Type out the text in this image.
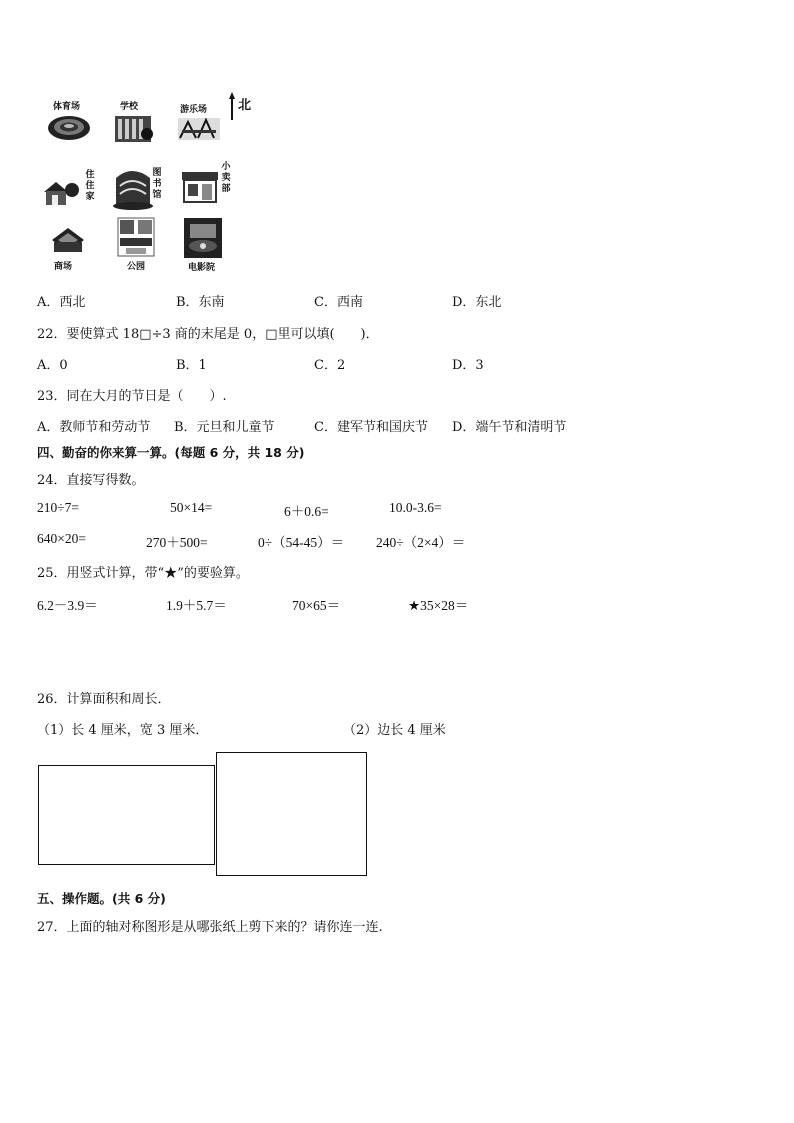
体育场	学校	游乐场 北
住住家
图书馆
小卖部
商场	公园	电影院
A．西北	B．东南	C．西南	D．东北
22．要使算式 18□÷3 商的末尾是 0，□里可以填(　　)．
A．0	B．1	C．2	D．3
23．同在大月的节日是（　　）.
A．教师节和劳动节 B．元旦和儿童节	C．建军节和国庆节 D．端午节和清明节
四、勤奋的你来算一算。(每题 6 分，共 18 分)
24．直接写得数。
210÷7=	50×14=	6＋0.6=	10.0-3.6=
640×20=	270＋500=	0÷（54-45）＝ 240÷（2×4）＝
25．用竖式计算，带“★”的要验算。
6.2－3.9＝	1.9＋5.7＝	70×65＝	★35×28＝
26．计算面积和周长．
（1）长 4 厘米，宽 3 厘米．	（2）边长 4 厘米
五、操作题。(共 6 分)
27．上面的轴对称图形是从哪张纸上剪下来的？请你连一连.
